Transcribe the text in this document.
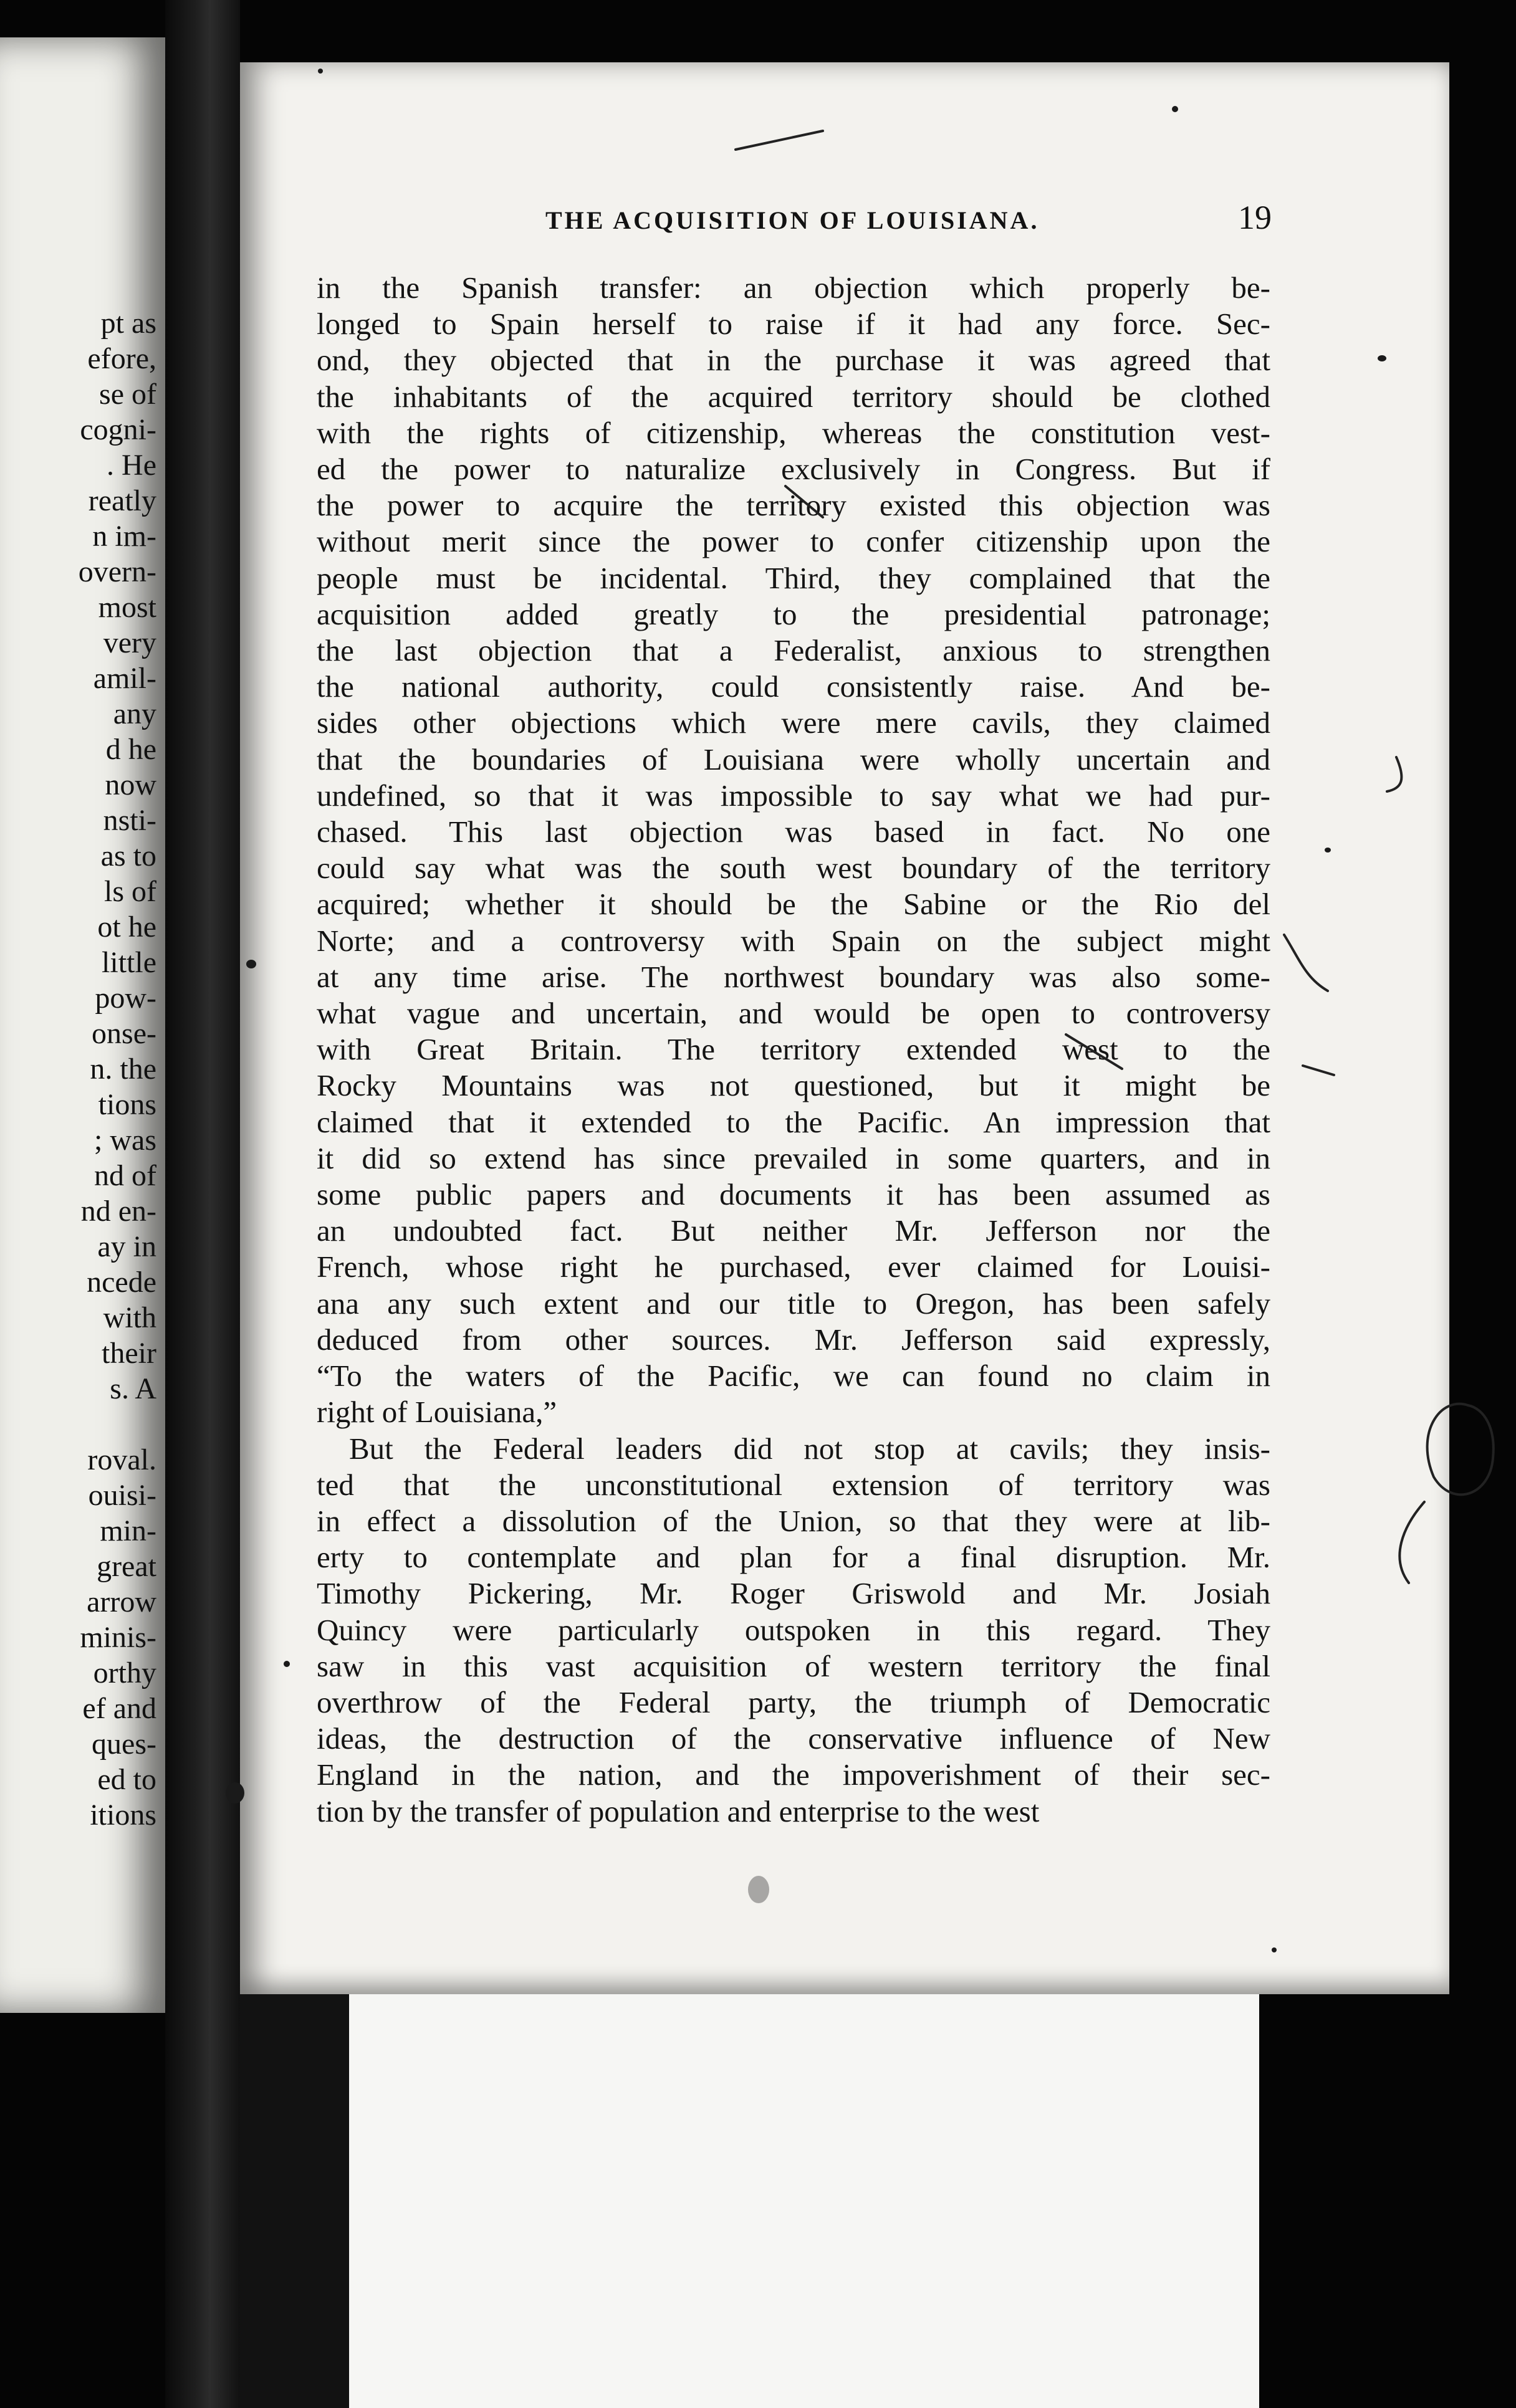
pt as
efore,
se of
cogni-
. He
reatly
n im-
overn-
most
very
amil-
any
d he
now
nsti-
as to
ls of
ot he
little
pow-
onse-
n. the
tions
; was
nd of
nd en-
ay in
ncede
with
their
s. A
roval.
ouisi-
min-
great
arrow
minis-
orthy
ef and
ques-
ed to
itions
THE ACQUISITION OF LOUISIANA.	19
in the Spanish transfer: an objection which properly be-
longed to Spain herself to raise if it had any force. Sec-
ond, they objected that in the purchase it was agreed that
the inhabitants of the acquired territory should be clothed
with the rights of citizenship, whereas the constitution vest-
ed the power to naturalize exclusively in Congress. But if
the power to acquire the territory existed this objection was
without merit since the power to confer citizenship upon the
people must be incidental. Third, they complained that the
acquisition added greatly to the presidential patronage;
the last objection that a Federalist, anxious to strengthen
the national authority, could consistently raise. And be-
sides other objections which were mere cavils, they claimed
that the boundaries of Louisiana were wholly uncertain and
undefined, so that it was impossible to say what we had pur-
chased. This last objection was based in fact. No one
could say what was the south west boundary of the territory
acquired; whether it should be the Sabine or the Rio del
Norte; and a controversy with Spain on the subject might
at any time arise. The northwest boundary was also some-
what vague and uncertain, and would be open to controversy
with Great Britain. The territory extended west to the
Rocky Mountains was not questioned, but it might be
claimed that it extended to the Pacific. An impression that
it did so extend has since prevailed in some quarters, and in
some public papers and documents it has been assumed as
an undoubted fact. But neither Mr. Jefferson nor the
French, whose right he purchased, ever claimed for Louisi-
ana any such extent and our title to Oregon, has been safely
deduced from other sources. Mr. Jefferson said expressly,
“To the waters of the Pacific, we can found no claim in
right of Louisiana,”
But the Federal leaders did not stop at cavils; they insis-
ted that the unconstitutional extension of territory was
in effect a dissolution of the Union, so that they were at lib-
erty to contemplate and plan for a final disruption. Mr.
Timothy Pickering, Mr. Roger Griswold and Mr. Josiah
Quincy were particularly outspoken in this regard. They
saw in this vast acquisition of western territory the final
overthrow of the Federal party, the triumph of Democratic
ideas, the destruction of the conservative influence of New
England in the nation, and the impoverishment of their sec-
tion by the transfer of population and enterprise to the west
